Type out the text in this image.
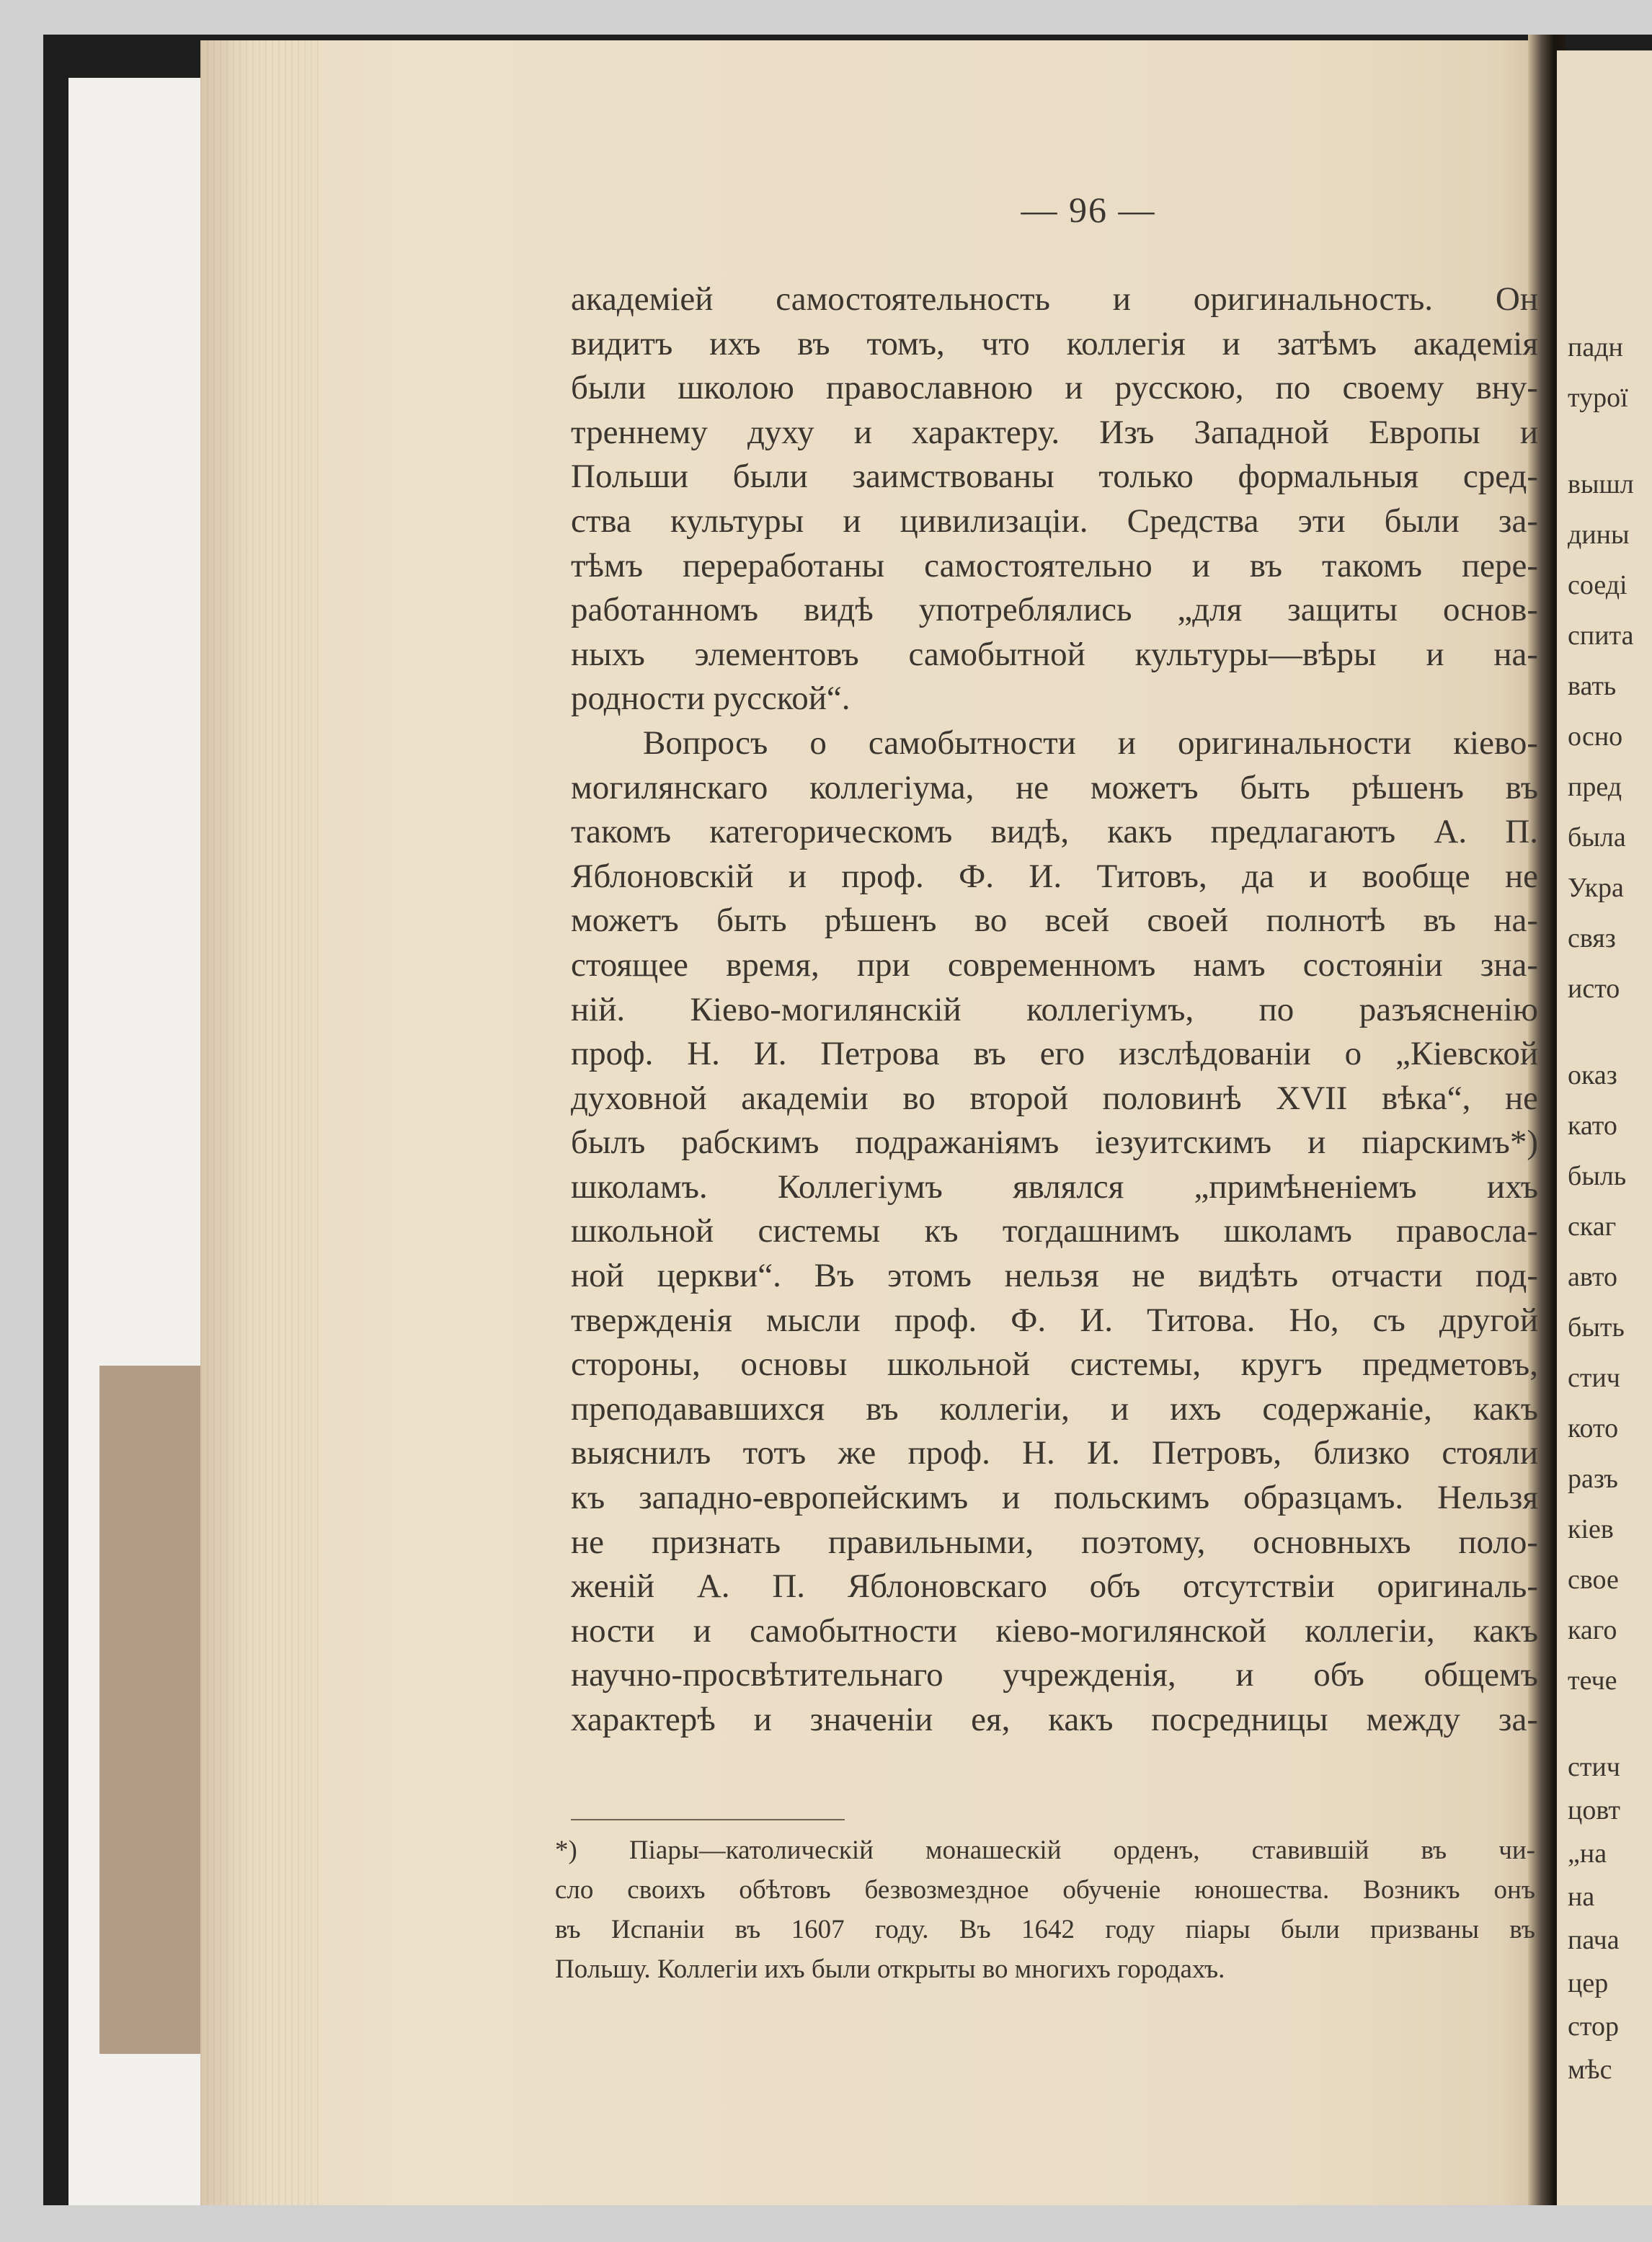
падн
турої
вышл
дины
соеді
спита
вать
осно
пред
была
Укра
связ
исто
оказ
като
быль
скаг
авто
быть
стич
кото
разъ
кіев
свое
каго
тече
стич
цовт
„на
на
пача
цер
стор
мѣс
— 96 —
академіей самостоятельность и оригинальность. Он
видитъ ихъ въ томъ, что коллегія и затѣмъ академія
были школою православною и русскою, по своему вну-
треннему духу и характеру. Изъ Западной Европы и
Польши были заимствованы только формальныя сред-
ства культуры и цивилизаціи. Средства эти были за-
тѣмъ переработаны самостоятельно и въ такомъ пере-
работанномъ видѣ употреблялись „для защиты основ-
ныхъ элементовъ самобытной культуры—вѣры и на-
родности русской“.
Вопросъ о самобытности и оригинальности кіево-
могилянскаго коллегіума, не можетъ быть рѣшенъ въ
такомъ категорическомъ видѣ, какъ предлагаютъ А. П.
Яблоновскій и проф. Ф. И. Титовъ, да и вообще не
можетъ быть рѣшенъ во всей своей полнотѣ въ на-
стоящее время, при современномъ намъ состояніи зна-
ній. Кіево-могилянскій коллегіумъ, по разъясненію
проф. Н. И. Петрова въ его изслѣдованіи о „Кіевской
духовной академіи во второй половинѣ XVII вѣка“, не
былъ рабскимъ подражаніямъ іезуитскимъ и піарскимъ*)
школамъ. Коллегіумъ являлся „примѣненіемъ ихъ
школьной системы къ тогдашнимъ школамъ правосла-
ной церкви“. Въ этомъ нельзя не видѣть отчасти под-
твержденія мысли проф. Ф. И. Титова. Но, съ другой
стороны, основы школьной системы, кругъ предметовъ,
преподававшихся въ коллегіи, и ихъ содержаніе, какъ
выяснилъ тотъ же проф. Н. И. Петровъ, близко стояли
къ западно-европейскимъ и польскимъ образцамъ. Нельзя
не признать правильными, поэтому, основныхъ поло-
женій А. П. Яблоновскаго объ отсутствіи оригиналь-
ности и самобытности кіево-могилянской коллегіи, какъ
научно-просвѣтительнаго учрежденія, и объ общемъ
характерѣ и значеніи ея, какъ посредницы между за-
*) Піары—католическій монашескій орденъ, ставившій въ чи-
сло своихъ обѣтовъ безвозмездное обученіе юношества. Возникъ онъ
въ Испаніи въ 1607 году. Въ 1642 году піары были призваны въ
Польшу. Коллегіи ихъ были открыты во многихъ городахъ.
